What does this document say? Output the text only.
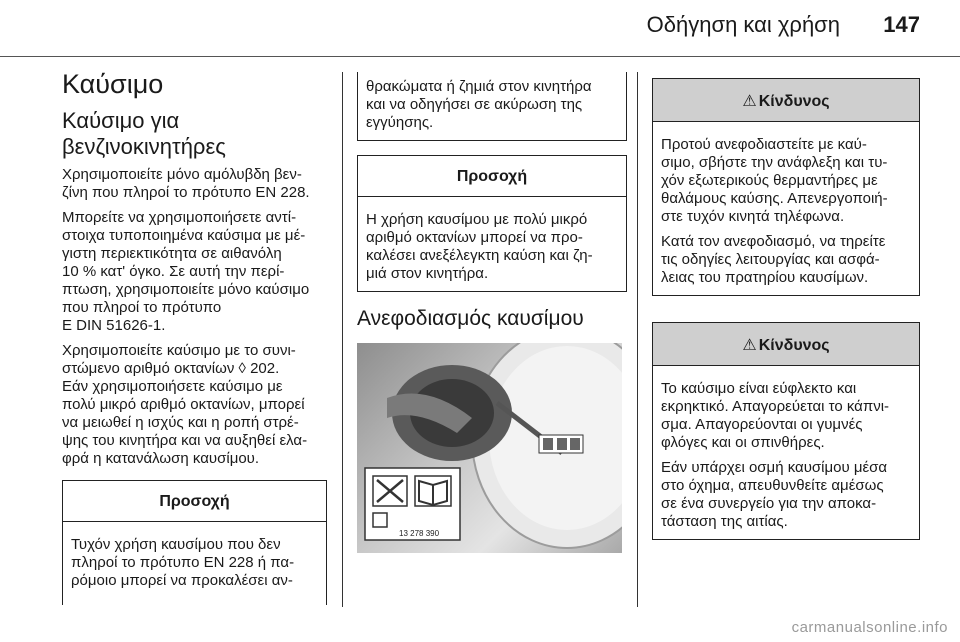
Οδήγηση και χρήση 147
Καύσιμο
Καύσιμο για βενζινοκινητήρες

Χρησιμοποιείτε μόνο αμόλυβδη βεν-
ζίνη που πληροί το πρότυπο EN 228.

Μπορείτε να χρησιμοποιήσετε αντί-
στοιχα τυποποιημένα καύσιμα με μέ-
γιστη περιεκτικότητα σε αιθανόλη
10 % κατ' όγκο. Σε αυτή την περί-
πτωση, χρησιμοποιείτε μόνο καύσιμο
που πληροί το πρότυπο
E DIN 51626-1.

Χρησιμοποιείτε καύσιμο με το συνι-
στώμενο αριθμό οκτανίων ◊ 202.
Εάν χρησιμοποιήσετε καύσιμο με
πολύ μικρό αριθμό οκτανίων, μπορεί
να μειωθεί η ισχύς και η ροπή στρέ-
ψης του κινητήρα και να αυξηθεί ελα-
φρά η κατανάλωση καυσίμου.

Προσοχή

Τυχόν χρήση καυσίμου που δεν
πληροί το πρότυπο EN 228 ή πα-
ρόμοιο μπορεί να προκαλέσει αν-

θρακώματα ή ζημιά στον κινητήρα
και να οδηγήσει σε ακύρωση της
εγγύησης.

Προσοχή

Η χρήση καυσίμου με πολύ μικρό
αριθμό οκτανίων μπορεί να προ-
καλέσει ανεξέλεγκτη καύση και ζη-
μιά στον κινητήρα.

Ανεφοδιασμός καυσίμου
13 278 390
⚠ Κίνδυνος

Προτού ανεφοδιαστείτε με καύ-
σιμο, σβήστε την ανάφλεξη και τυ-
χόν εξωτερικούς θερμαντήρες με
θαλάμους καύσης. Απενεργοποιή-
στε τυχόν κινητά τηλέφωνα.

Κατά τον ανεφοδιασμό, να τηρείτε
τις οδηγίες λειτουργίας και ασφά-
λειας του πρατηρίου καυσίμων.

⚠ Κίνδυνος

Το καύσιμο είναι εύφλεκτο και
εκρηκτικό. Απαγορεύεται το κάπνι-
σμα. Απαγορεύονται οι γυμνές
φλόγες και οι σπινθήρες.

Εάν υπάρχει οσμή καυσίμου μέσα
στο όχημα, απευθυνθείτε αμέσως
σε ένα συνεργείο για την αποκα-
τάσταση της αιτίας.

carmanualsonline.info
